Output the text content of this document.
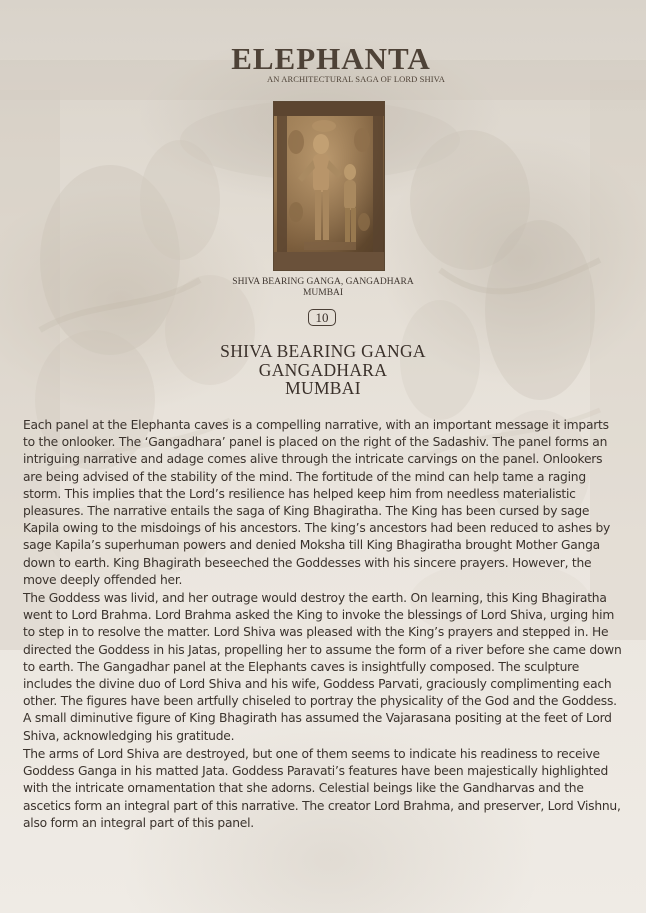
ELEPHANTA
AN ARCHITECTURAL SAGA OF LORD SHIVA
SHIVA BEARING GANGA, GANGADHARA
MUMBAI
10
SHIVA BEARING GANGA
GANGADHARA
MUMBAI

Each panel at the Elephanta caves is a compelling narrative, with an important message it imparts to the onlooker. The ‘Gangadhara’ panel is placed on the right of the Sadashiv. The panel forms an intriguing narrative and adage comes alive through the intricate carvings on the panel. Onlookers are being advised of the stability of the mind. The fortitude of the mind can help tame a raging storm. This implies that the Lord’s resilience has helped keep him from needless materialistic pleasures. The narrative entails the saga of King Bhagiratha. The King has been cursed by sage Kapila owing to the misdoings of his ancestors. The king’s ancestors had been reduced to ashes by sage Kapila’s superhuman powers and denied Moksha till King Bhagiratha brought Mother Ganga down to earth. King Bhagirath beseeched the Goddesses with his sincere prayers. However, the move deeply offended her.

The Goddess was livid, and her outrage would destroy the earth. On learning, this King Bhagiratha went to Lord Brahma. Lord Brahma asked the King to invoke the blessings of Lord Shiva, urging him to step in to resolve the matter. Lord Shiva was pleased with the King’s prayers and stepped in. He directed the Goddess in his Jatas, propelling her to assume the form of a river before she came down to earth. The Gangadhar panel at the Elephants caves is insightfully composed. The sculpture includes the divine duo of Lord Shiva and his wife, Goddess Parvati, graciously complimenting each other. The figures have been artfully chiseled to portray the physicality of the God and the Goddess. A small diminutive figure of King Bhagirath has assumed the Vajarasana positing at the feet of Lord Shiva, acknowledging his gratitude.

The arms of Lord Shiva are destroyed, but one of them seems to indicate his readiness to receive Goddess Ganga in his matted Jata. Goddess Paravati’s features have been majestically highlighted with the intricate ornamentation that she adorns. Celestial beings like the Gandharvas and the ascetics form an integral part of this narrative. The creator Lord Brahma, and preserver, Lord Vishnu, also form an integral part of this panel.
